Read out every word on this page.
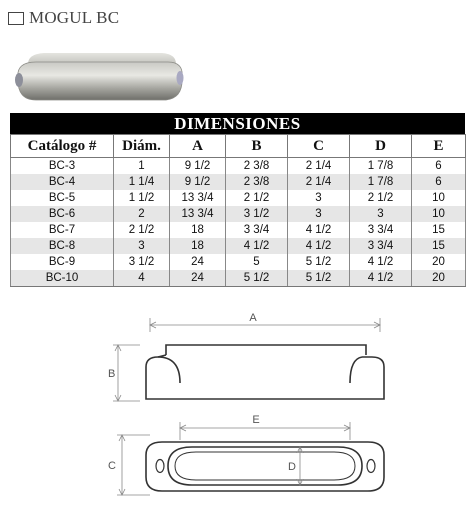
MOGUL BC
DIMENSIONES
Catálogo #	Diám.	A	B	C	D	E
BC-3	1	9 1/2	2 3/8	2 1/4	1 7/8	6
BC-4	1 1/4	9 1/2	2 3/8	2 1/4	1 7/8	6
BC-5	1 1/2	13 3/4	2 1/2	3	2 1/2	10
BC-6	2	13 3/4	3 1/2	3	3	10
BC-7	2 1/2	18	3 3/4	4 1/2	3 3/4	15
BC-8	3	18	4 1/2	4 1/2	3 3/4	15
BC-9	3 1/2	24	5	5 1/2	4 1/2	20
BC-10	4	24	5 1/2	5 1/2	4 1/2	20
A
B
E
C	D
